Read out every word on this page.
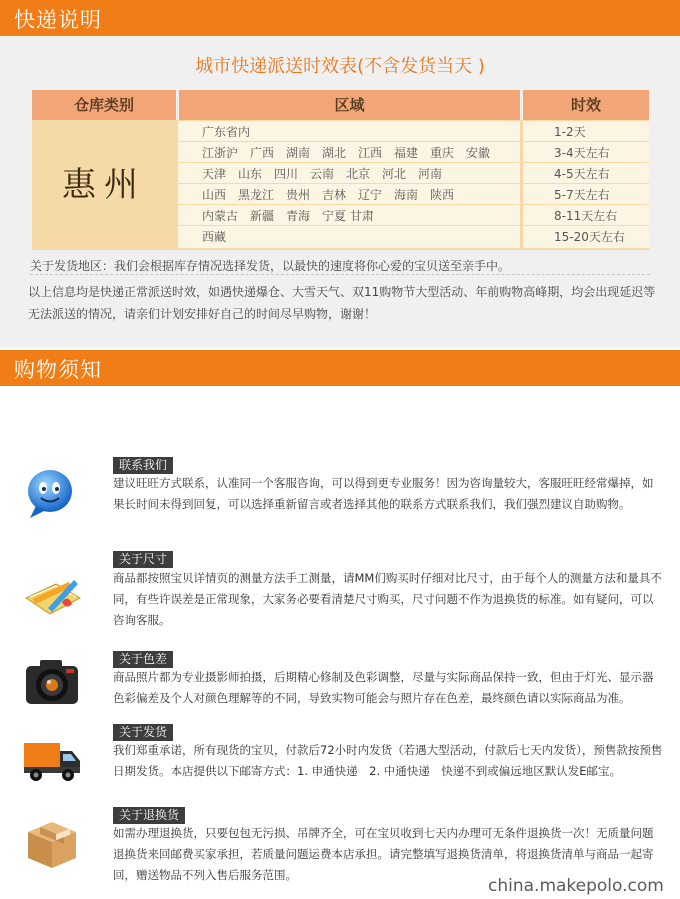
快递说明
城市快递派送时效表(不含发货当天 )
仓库类别	区域	时效
惠州
广东省内	1-2天
江浙沪　广西　湖南　湖北　江西　福建　重庆　安徽	3-4天左右
天津　山东　四川　云南　北京　河北　河南	4-5天左右
山西　黑龙江　贵州　吉林　辽宁　海南　陕西	5-7天左右
内蒙古　新疆　青海　宁夏 甘肃	8-11天左右
西藏	15-20天左右
关于发货地区：我们会根据库存情况选择发货，以最快的速度将你心爱的宝贝送至亲手中。
以上信息均是快递正常派送时效，如遇快递爆仓、大雪天气、双11购物节大型活动、年前购物高峰期，均会出现延迟等无法派送的情况，请亲们计划安排好自己的时间尽早购物，谢谢！
购物须知
联系我们
建议旺旺方式联系，认准同一个客服咨询，可以得到更专业服务！因为咨询量较大，客服旺旺经常爆掉，如果长时间未得到回复，可以选择重新留言或者选择其他的联系方式联系我们，我们强烈建议自助购物。
关于尺寸
商品都按照宝贝详情页的测量方法手工测量，请MM们购买时仔细对比尺寸，由于每个人的测量方法和量具不同，有些许误差是正常现象，大家务必要看清楚尺寸购买，尺寸问题不作为退换货的标准。如有疑问，可以咨询客服。
关于色差
商品照片都为专业摄影师拍摄，后期精心修制及色彩调整，尽量与实际商品保持一致，但由于灯光、显示器色彩偏差及个人对颜色理解等的不同，导致实物可能会与照片存在色差，最终颜色请以实际商品为准。
关于发货
我们郑重承诺，所有现货的宝贝，付款后72小时内发货（若遇大型活动，付款后七天内发货），预售款按预售日期发货。本店提供以下邮寄方式：1. 申通快递　2. 中通快递　快递不到或偏远地区默认发E邮宝。
关于退换货
如需办理退换货，只要包包无污损、吊牌齐全，可在宝贝收到七天内办理可无条件退换货一次！无质量问题退换货来回邮费买家承担，若质量问题运费本店承担。请完整填写退换货清单，将退换货清单与商品一起寄回，赠送物品不列入售后服务范围。
china.makepolo.com
